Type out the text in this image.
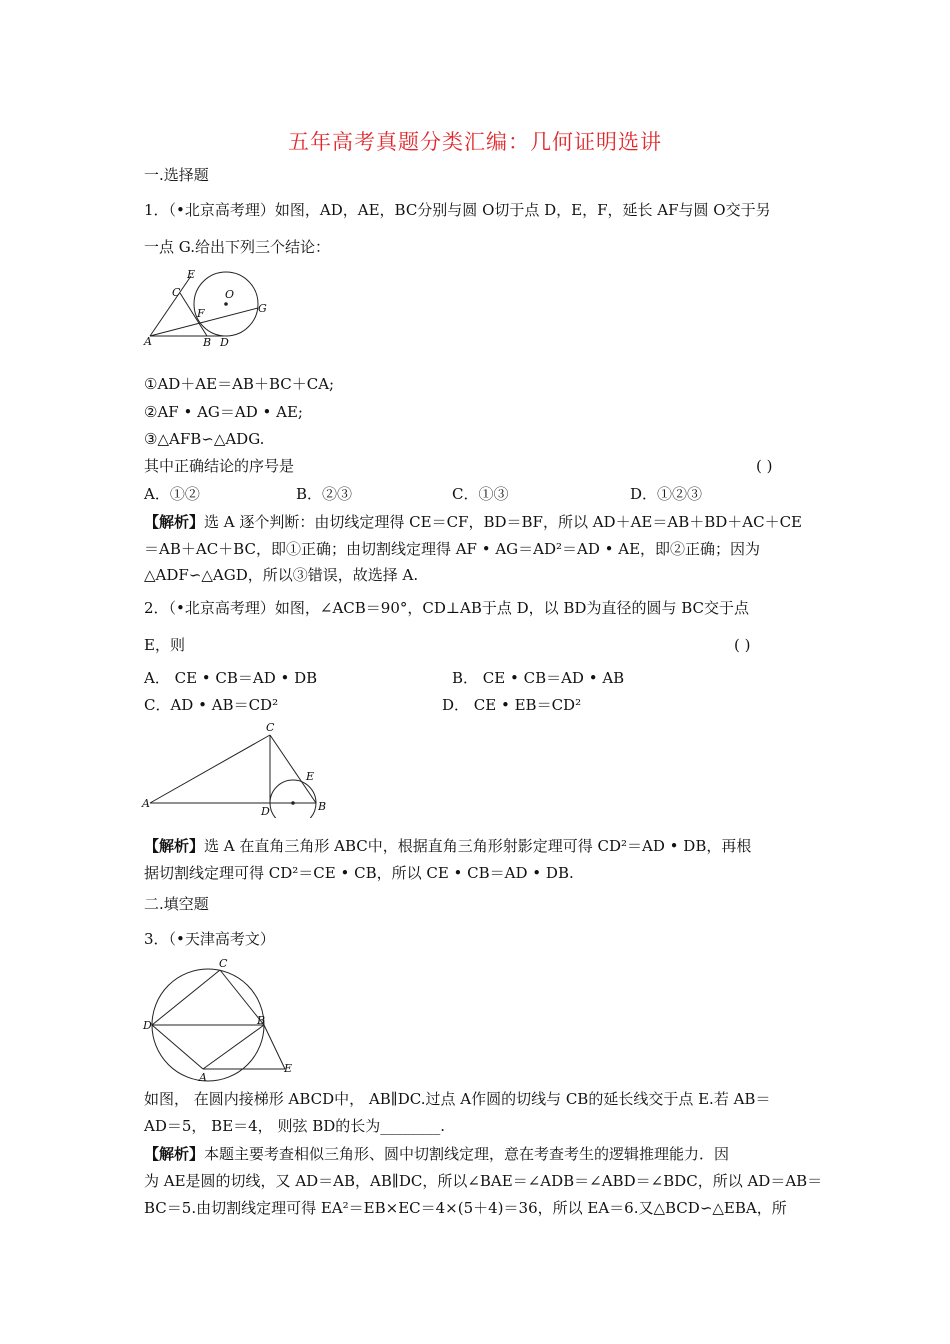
五年高考真题分类汇编：几何证明选讲
一.选择题
1．（•北京高考理）如图，AD，AE，BC分别与圆 O切于点 D，E，F，延长 AF与圆 O交于另
一点 G.给出下列三个结论：
E
C	O
F	G
A	B D
①AD＋AE＝AB＋BC＋CA;
②AF • AG＝AD • AE;
③△AFB∽△ADG.
其中正确结论的序号是	( )
A．①②	B．②③	C．①③	D．①②③
【解析】选 A 逐个判断：由切线定理得 CE＝CF，BD＝BF，所以 AD＋AE＝AB＋BD＋AC＋CE
＝AB＋AC＋BC，即①正确；由切割线定理得 AF • AG＝AD²＝AD • AE，即②正确；因为
△ADF∽△AGD，所以③错误，故选择 A.
2．（•北京高考理）如图，∠ACB＝90°，CD⊥AB于点 D，以 BD为直径的圆与 BC交于点
E，则	( )
A． CE • CB＝AD • DB	B． CE • CB＝AD • AB
C．AD • AB＝CD²	D． CE • EB＝CD²
C
E
A
D	B
【解析】选 A 在直角三角形 ABC中，根据直角三角形射影定理可得 CD²＝AD • DB，再根
据切割线定理可得 CD²＝CE • CB，所以 CE • CB＝AD • DB.
二.填空题
3．（•天津高考文）
C
D	B
A
E
如图， 在圆内接梯形 ABCD中， AB∥DC.过点 A作圆的切线与 CB的延长线交于点 E.若 AB＝
AD＝5， BE＝4， 则弦 BD的长为________.
【解析】本题主要考查相似三角形、圆中切割线定理，意在考查考生的逻辑推理能力．因
为 AE是圆的切线，又 AD＝AB，AB∥DC，所以∠BAE＝∠ADB＝∠ABD＝∠BDC，所以 AD＝AB＝
BC＝5.由切割线定理可得 EA²＝EB×EC＝4×(5＋4)＝36，所以 EA＝6.又△BCD∽△EBA，所
